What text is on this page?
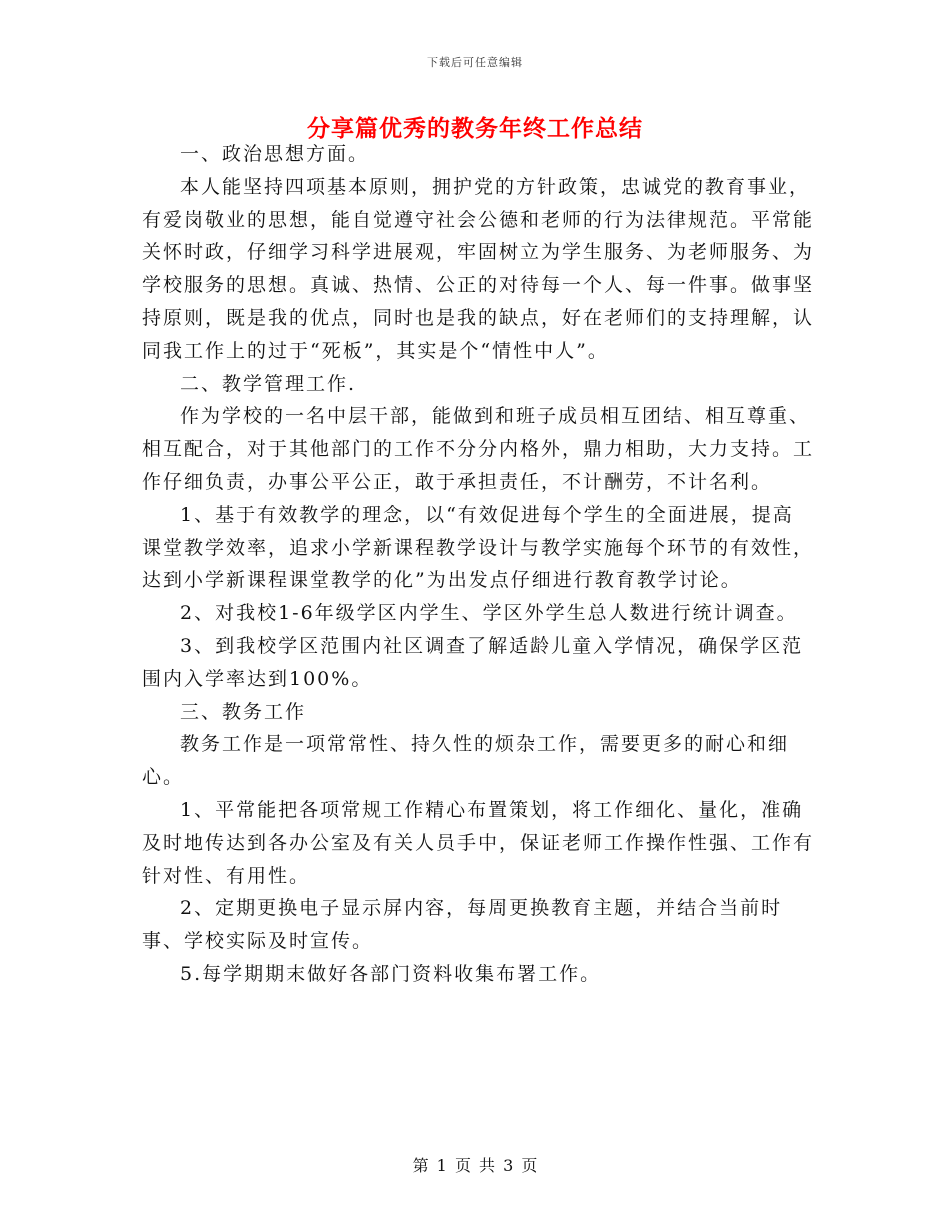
下载后可任意编辑
分享篇优秀的教务年终工作总结

一、政治思想方面。

本人能坚持四项基本原则，拥护党的方针政策，忠诚党的教育事业，有爱岗敬业的思想，能自觉遵守社会公德和老师的行为法律规范。平常能关怀时政，仔细学习科学进展观，牢固树立为学生服务、为老师服务、为学校服务的思想。真诚、热情、公正的对待每一个人、每一件事。做事坚持原则，既是我的优点，同时也是我的缺点，好在老师们的支持理解，认同我工作上的过于“死板”，其实是个“情性中人”。

二、教学管理工作.

作为学校的一名中层干部，能做到和班子成员相互团结、相互尊重、相互配合，对于其他部门的工作不分分内格外，鼎力相助，大力支持。工作仔细负责，办事公平公正，敢于承担责任，不计酬劳，不计名利。

1、基于有效教学的理念，以“有效促进每个学生的全面进展，提高课堂教学效率，追求小学新课程教学设计与教学实施每个环节的有效性，达到小学新课程课堂教学的化”为出发点仔细进行教育教学讨论。

2、对我校1-6年级学区内学生、学区外学生总人数进行统计调查。

3、到我校学区范围内社区调查了解适龄儿童入学情况，确保学区范围内入学率达到100%。

三、教务工作

教务工作是一项常常性、持久性的烦杂工作，需要更多的耐心和细心。

1、平常能把各项常规工作精心布置策划，将工作细化、量化，准确及时地传达到各办公室及有关人员手中，保证老师工作操作性强、工作有针对性、有用性。

2、定期更换电子显示屏内容，每周更换教育主题，并结合当前时事、学校实际及时宣传。

5.每学期期末做好各部门资料收集布署工作。

第 1 页 共 3 页
